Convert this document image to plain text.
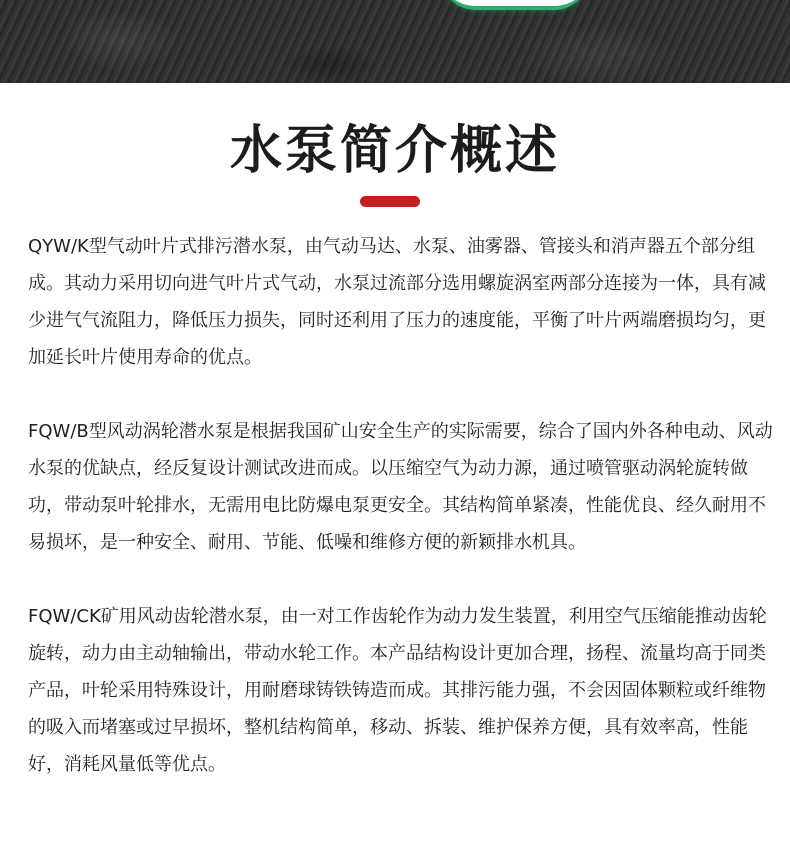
水泵简介概述

QYW/K型气动叶片式排污潜水泵，由气动马达、水泵、油雾器、管接头和消声器五个部分组成。其动力采用切向进气叶片式气动，水泵过流部分选用螺旋涡室两部分连接为一体，具有减少进气气流阻力，降低压力损失，同时还利用了压力的速度能，平衡了叶片两端磨损均匀，更加延长叶片使用寿命的优点。

FQW/B型风动涡轮潜水泵是根据我国矿山安全生产的实际需要，综合了国内外各种电动、风动水泵的优缺点，经反复设计测试改进而成。以压缩空气为动力源，通过喷管驱动涡轮旋转做功，带动泵叶轮排水，无需用电比防爆电泵更安全。其结构简单紧凑，性能优良、经久耐用不易损坏，是一种安全、耐用、节能、低噪和维修方便的新颖排水机具。

FQW/CK矿用风动齿轮潜水泵，由一对工作齿轮作为动力发生装置，利用空气压缩能推动齿轮旋转，动力由主动轴输出，带动水轮工作。本产品结构设计更加合理，扬程、流量均高于同类产品，叶轮采用特殊设计，用耐磨球铸铁铸造而成。其排污能力强，不会因固体颗粒或纤维物的吸入而堵塞或过早损坏，整机结构简单，移动、拆装、维护保养方便，具有效率高，性能好，消耗风量低等优点。
